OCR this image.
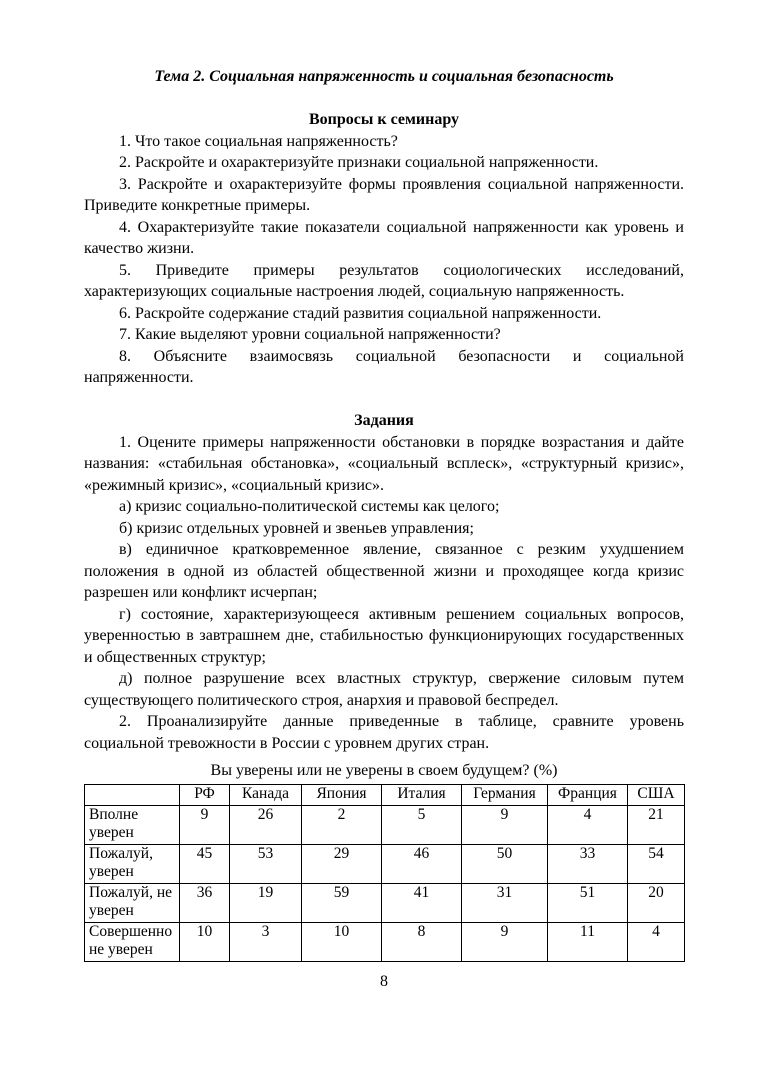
Тема 2. Социальная напряженность и социальная безопасность
Вопросы к семинару

1. Что такое социальная напряженность?

2. Раскройте и охарактеризуйте признаки социальной напряженности.

3. Раскройте и охарактеризуйте формы проявления социальной напряженности. Приведите конкретные примеры.

4. Охарактеризуйте такие показатели социальной напряженности как уровень и качество жизни.

5. Приведите примеры результатов социологических исследований, характеризующих социальные настроения людей, социальную напряженность.

6. Раскройте содержание стадий развития социальной напряженности.

7. Какие выделяют уровни социальной напряженности?

8. Объясните взаимосвязь социальной безопасности и социальной напряженности.

Задания

1. Оцените примеры напряженности обстановки в порядке возрастания и дайте названия: «стабильная обстановка», «социальный всплеск», «структурный кризис», «режимный кризис», «социальный кризис».

а) кризис социально-политической системы как целого;

б) кризис отдельных уровней и звеньев управления;

в) единичное кратковременное явление, связанное с резким ухудшением положения в одной из областей общественной жизни и проходящее когда кризис разрешен или конфликт исчерпан;

г) состояние, характеризующееся активным решением социальных вопросов, уверенностью в завтрашнем дне, стабильностью функционирующих государственных и общественных структур;

д) полное разрушение всех властных структур, свержение силовым путем существующего политического строя, анархия и правовой беспредел.

2. Проанализируйте данные приведенные в таблице, сравните уровень социальной тревожности в России с уровнем других стран.

Вы уверены или не уверены в своем будущем? (%)

	РФ	Канада	Япония	Италия	Германия	Франция	США
Вполне уверен	9	26	2	5	9	4	21
Пожалуй, уверен	45	53	29	46	50	33	54
Пожалуй, не уверен	36	19	59	41	31	51	20
Совершенно не уверен	10	3	10	8	9	11	4
8
